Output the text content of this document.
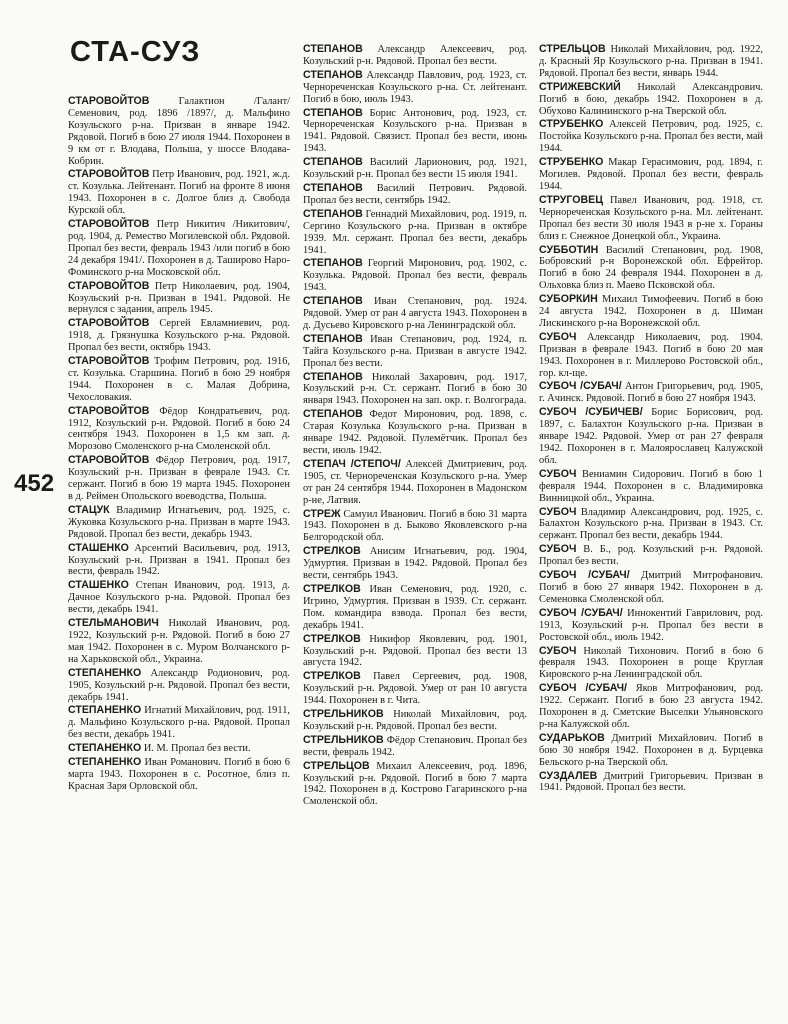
СТА-СУЗ
452

СТАРОВОЙТОВ Галактион /Галант/ Семенович, род. 1896 /1897/, д. Мальфино Козульского р-на. Призван в январе 1942. Рядовой. Погиб в бою 27 июля 1944. Похоронен в 9 км от г. Влодава, Польша, у шоссе Влодава-Кобрин.

СТАРОВОЙТОВ Петр Иванович, род. 1921, ж.д. ст. Козулька. Лейтенант. Погиб на фронте 8 июня 1943. Похоронен в с. Долгое близ д. Свобода Курской обл.

СТАРОВОЙТОВ Петр Никитич /Никитович/, род. 1904, д. Ремество Могилевской обл. Рядовой. Пропал без вести, февраль 1943 /или погиб в бою 24 декабря 1941/. Похоронен в д. Таширово Наро-Фоминского р-на Московской обл.

СТАРОВОЙТОВ Петр Николаевич, род. 1904, Козульский р-н. Призван в 1941. Рядовой. Не вернулся с задания, апрель 1945.

СТАРОВОЙТОВ Сергей Евламниевич, род. 1918, д. Грязнушка Козульского р-на. Рядовой. Пропал без вести, октябрь 1943.

СТАРОВОЙТОВ Трофим Петрович, род. 1916, ст. Козулька. Старшина. Погиб в бою 29 ноября 1944. Похоронен в с. Малая Добрина, Чехословакия.

СТАРОВОЙТОВ Фёдор Кондратьевич, род. 1912, Козульский р-н. Рядовой. Погиб в бою 24 сентября 1943. Похоронен в 1,5 км зап. д. Морозово Смоленского р-на Смоленской обл.

СТАРОВОЙТОВ Фёдор Петрович, род. 1917, Козульский р-н. Призван в феврале 1943. Ст. сержант. Погиб в бою 19 марта 1945. Похоронен в д. Реймен Опольского воеводства, Польша.

СТАЦУК Владимир Игнатьевич, род. 1925, с. Жуковка Козульского р-на. Призван в марте 1943. Рядовой. Пропал без вести, декабрь 1943.

СТАШЕНКО Арсентий Васильевич, род. 1913, Козульский р-н. Призван в 1941. Пропал без вести, февраль 1942.

СТАШЕНКО Степан Иванович, род. 1913, д. Дачное Козульского р-на. Рядовой. Пропал без вести, декабрь 1941.

СТЕЛЬМАНОВИЧ Николай Иванович, род. 1922, Козульский р-н. Рядовой. Погиб в бою 27 мая 1942. Похоронен в с. Муром Волчанского р-на Харьковской обл., Украина.

СТЕПАНЕНКО Александр Родионович, род. 1905, Козульский р-н. Рядовой. Пропал без вести, декабрь 1941.

СТЕПАНЕНКО Игнатий Михайлович, род. 1911, д. Мальфино Козульского р-на. Рядовой. Пропал без вести, декабрь 1941.

СТЕПАНЕНКО И. М. Пропал без вести.

СТЕПАНЕНКО Иван Романович. Погиб в бою 6 марта 1943. Похоронен в с. Росотное, близ п. Красная Заря Орловской обл.

СТЕПАНОВ Александр Алексеевич, род. Козульский р-н. Рядовой. Пропал без вести.

СТЕПАНОВ Александр Павлович, род. 1923, ст. Чернореченская Козульского р-на. Ст. лейтенант. Погиб в бою, июль 1943.

СТЕПАНОВ Борис Антонович, род. 1923, ст. Чернореченская Козульского р-на. Призван в 1941. Рядовой. Связист. Пропал без вести, июнь 1943.

СТЕПАНОВ Василий Ларионович, род. 1921, Козульский р-н. Пропал без вести 15 июля 1941.

СТЕПАНОВ Василий Петрович. Рядовой. Пропал без вести, сентябрь 1942.

СТЕПАНОВ Геннадий Михайлович, род. 1919, п. Сергино Козульского р-на. Призван в октябре 1939. Мл. сержант. Пропал без вести, декабрь 1941.

СТЕПАНОВ Георгий Миронович, род. 1902, с. Козулька. Рядовой. Пропал без вести, февраль 1943.

СТЕПАНОВ Иван Степанович, род. 1924. Рядовой. Умер от ран 4 августа 1943. Похоронен в д. Дусьево Кировского р-на Ленинградской обл.

СТЕПАНОВ Иван Степанович, род. 1924, п. Тайга Козульского р-на. Призван в августе 1942. Пропал без вести.

СТЕПАНОВ Николай Захарович, род. 1917, Козульский р-н. Ст. сержант. Погиб в бою 30 января 1943. Похоронен на зап. окр. г. Волгограда.

СТЕПАНОВ Федот Миронович, род. 1898, с. Старая Козулька Козульского р-на. Призван в январе 1942. Рядовой. Пулемётчик. Пропал без вести, июль 1942.

СТЕПАЧ /СТЕПОЧ/ Алексей Дмитриевич, род. 1905, ст. Чернореченская Козульского р-на. Умер от ран 24 сентября 1944. Похоронен в Мадонском р-не, Латвия.

СТРЕЖ Самуил Иванович. Погиб в бою 31 марта 1943. Похоронен в д. Быково Яковлевского р-на Белгородской обл.

СТРЕЛКОВ Анисим Игнатьевич, род. 1904, Удмуртия. Призван в 1942. Рядовой. Пропал без вести, сентябрь 1943.

СТРЕЛКОВ Иван Семенович, род. 1920, с. Игрино, Удмуртия. Призван в 1939. Ст. сержант. Пом. командира взвода. Пропал без вести, декабрь 1941.

СТРЕЛКОВ Никифор Яковлевич, род. 1901, Козульский р-н. Рядовой. Пропал без вести 13 августа 1942.

СТРЕЛКОВ Павел Сергеевич, род. 1908, Козульский р-н. Рядовой. Умер от ран 10 августа 1944. Похоронен в г. Чита.

СТРЕЛЬНИКОВ Николай Михайлович, род. Козульский р-н. Рядовой. Пропал без вести.

СТРЕЛЬНИКОВ Фёдор Степанович. Пропал без вести, февраль 1942.

СТРЕЛЬЦОВ Михаил Алексеевич, род. 1896, Козульский р-н. Рядовой. Погиб в бою 7 марта 1942. Похоронен в д. Кострово Гагаринского р-на Смоленской обл.

СТРЕЛЬЦОВ Николай Михайлович, род. 1922, д. Красный Яр Козульского р-на. Призван в 1941. Рядовой. Пропал без вести, январь 1944.

СТРИЖЕВСКИЙ Николай Александрович. Погиб в бою, декабрь 1942. Похоронен в д. Обухово Калининского р-на Тверской обл.

СТРУБЕНКО Алексей Петрович, род. 1925, с. Постойка Козульского р-на. Пропал без вести, май 1944.

СТРУБЕНКО Макар Герасимович, род. 1894, г. Могилев. Рядовой. Пропал без вести, февраль 1944.

СТРУГОВЕЦ Павел Иванович, род. 1918, ст. Чернореченская Козульского р-на. Мл. лейтенант. Пропал без вести 30 июля 1943 в р-не х. Гораны близ г. Снежное Донецкой обл., Украина.

СУББОТИН Василий Степанович, род. 1908, Бобровский р-н Воронежской обл. Ефрейтор. Погиб в бою 24 февраля 1944. Похоронен в д. Ольховка близ п. Маево Псковской обл.

СУБОРКИН Михаил Тимофеевич. Погиб в бою 24 августа 1942. Похоронен в д. Шиман Лискинского р-на Воронежской обл.

СУБОЧ Александр Николаевич, род. 1904. Призван в феврале 1943. Погиб в бою 20 мая 1943. Похоронен в г. Миллерово Ростовской обл., гор. кл-ще.

СУБОЧ /СУБАЧ/ Антон Григорьевич, род. 1905, г. Ачинск. Рядовой. Погиб в бою 27 ноября 1943.

СУБОЧ /СУБИЧЕВ/ Борис Борисович, род. 1897, с. Балахтон Козульского р-на. Призван в январе 1942. Рядовой. Умер от ран 27 февраля 1942. Похоронен в г. Малоярославец Калужской обл.

СУБОЧ Вениамин Сидорович. Погиб в бою 1 февраля 1944. Похоронен в с. Владимировка Винницкой обл., Украина.

СУБОЧ Владимир Александрович, род. 1925, с. Балахтон Козульского р-на. Призван в 1943. Ст. сержант. Пропал без вести, декабрь 1944.

СУБОЧ В. Б., род. Козульский р-н. Рядовой. Пропал без вести.

СУБОЧ /СУБАЧ/ Дмитрий Митрофанович. Погиб в бою 27 января 1942. Похоронен в д. Семеновка Смоленской обл.

СУБОЧ /СУБАЧ/ Иннокентий Гаврилович, род. 1913, Козульский р-н. Пропал без вести в Ростовской обл., июль 1942.

СУБОЧ Николай Тихонович. Погиб в бою 6 февраля 1943. Похоронен в роще Круглая Кировского р-на Ленинградской обл.

СУБОЧ /СУБАЧ/ Яков Митрофанович, род. 1922. Сержант. Погиб в бою 23 августа 1942. Похоронен в д. Сметские Выселки Ульяновского р-на Калужской обл.

СУДАРЬКОВ Дмитрий Михайлович. Погиб в бою 30 ноября 1942. Похоронен в д. Бурцевка Бельского р-на Тверской обл.

СУЗДАЛЕВ Дмитрий Григорьевич. Призван в 1941. Рядовой. Пропал без вести.
